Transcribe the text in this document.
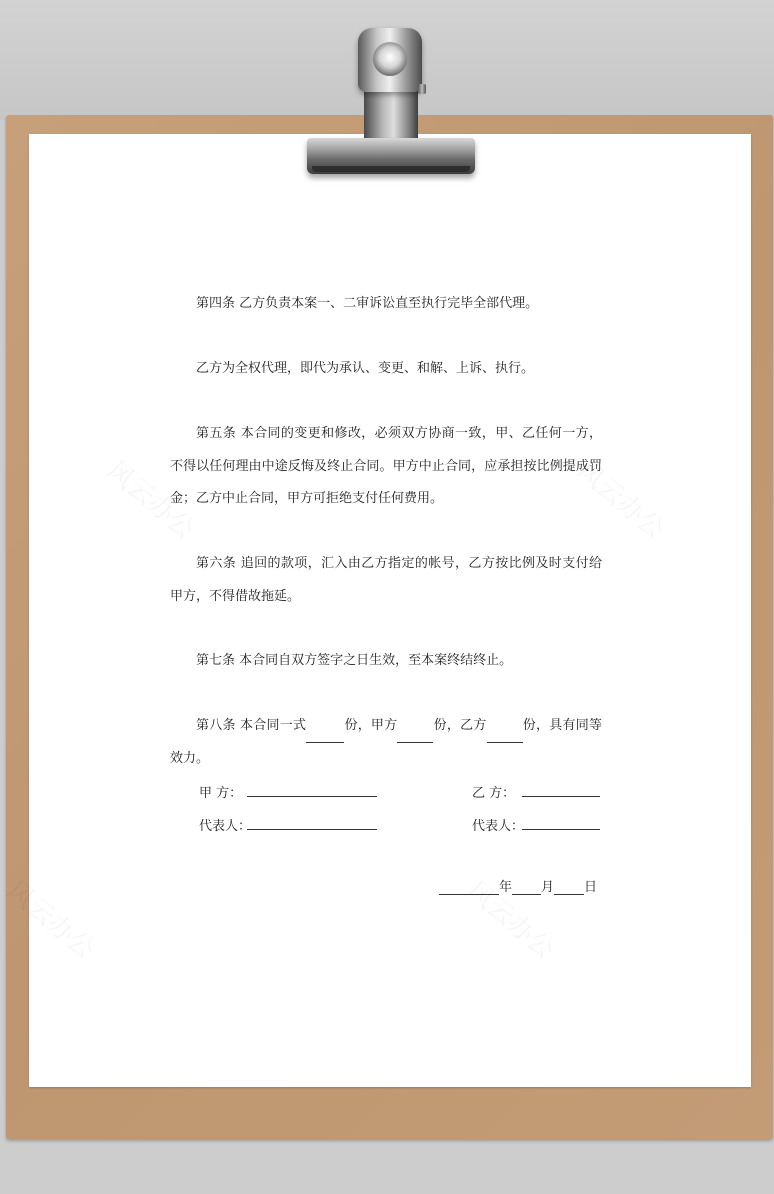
第四条 乙方负责本案一、二审诉讼直至执行完毕全部代理。

乙方为全权代理，即代为承认、变更、和解、上诉、执行。

第五条 本合同的变更和修改，必须双方协商一致，甲、乙任何一方，不得以任何理由中途反悔及终止合同。甲方中止合同，应承担按比例提成罚金；乙方中止合同，甲方可拒绝支付任何费用。

第六条 追回的款项，汇入由乙方指定的帐号，乙方按比例及时支付给甲方，不得借故拖延。

第七条 本合同自双方签字之日生效，至本案终结终止。

第八条 本合同一式	份，甲方	份，乙方	份，具有同等效力。

甲 方：	乙 方：
代表人：	代表人：
年 月 日
